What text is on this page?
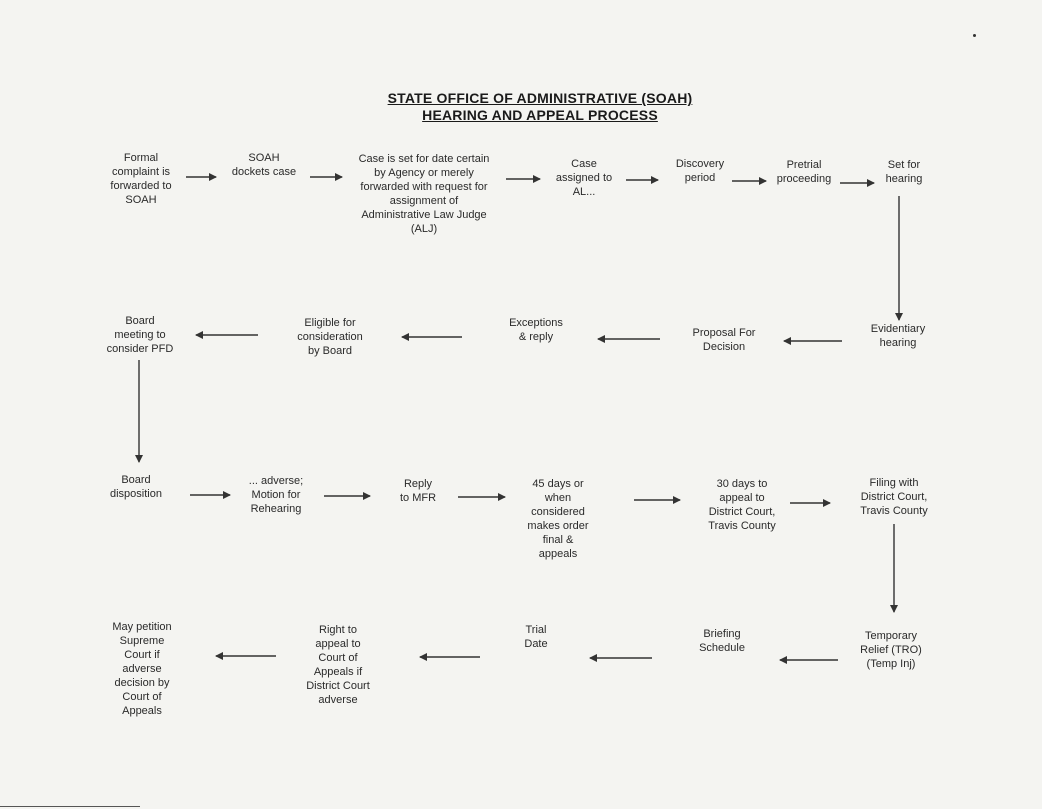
STATE OFFICE OF ADMINISTRATIVE (SOAH)
HEARING AND APPEAL PROCESS
Formal
complaint is
forwarded to
SOAH
SOAH
dockets case
Case is set for date certain
by Agency or merely
forwarded with request for
assignment of
Administrative Law Judge
(ALJ)
Case
assigned to
AL...
Discovery
period
Pretrial
proceeding
Set for
hearing
Evidentiary
hearing
Proposal For
Decision
Exceptions
& reply
Eligible for
consideration
by Board
Board
meeting to
consider PFD
Board
disposition
... adverse;
Motion for
Rehearing
Reply
to MFR
45 days or
when
considered
makes order
final &
appeals
30 days to
appeal to
District Court,
Travis County
Filing with
District Court,
Travis County
Temporary
Relief (TRO)
(Temp Inj)
Briefing
Schedule
Trial
Date
Right to
appeal to
Court of
Appeals if
District Court
adverse
May petition
Supreme
Court if
adverse
decision by
Court of
Appeals
